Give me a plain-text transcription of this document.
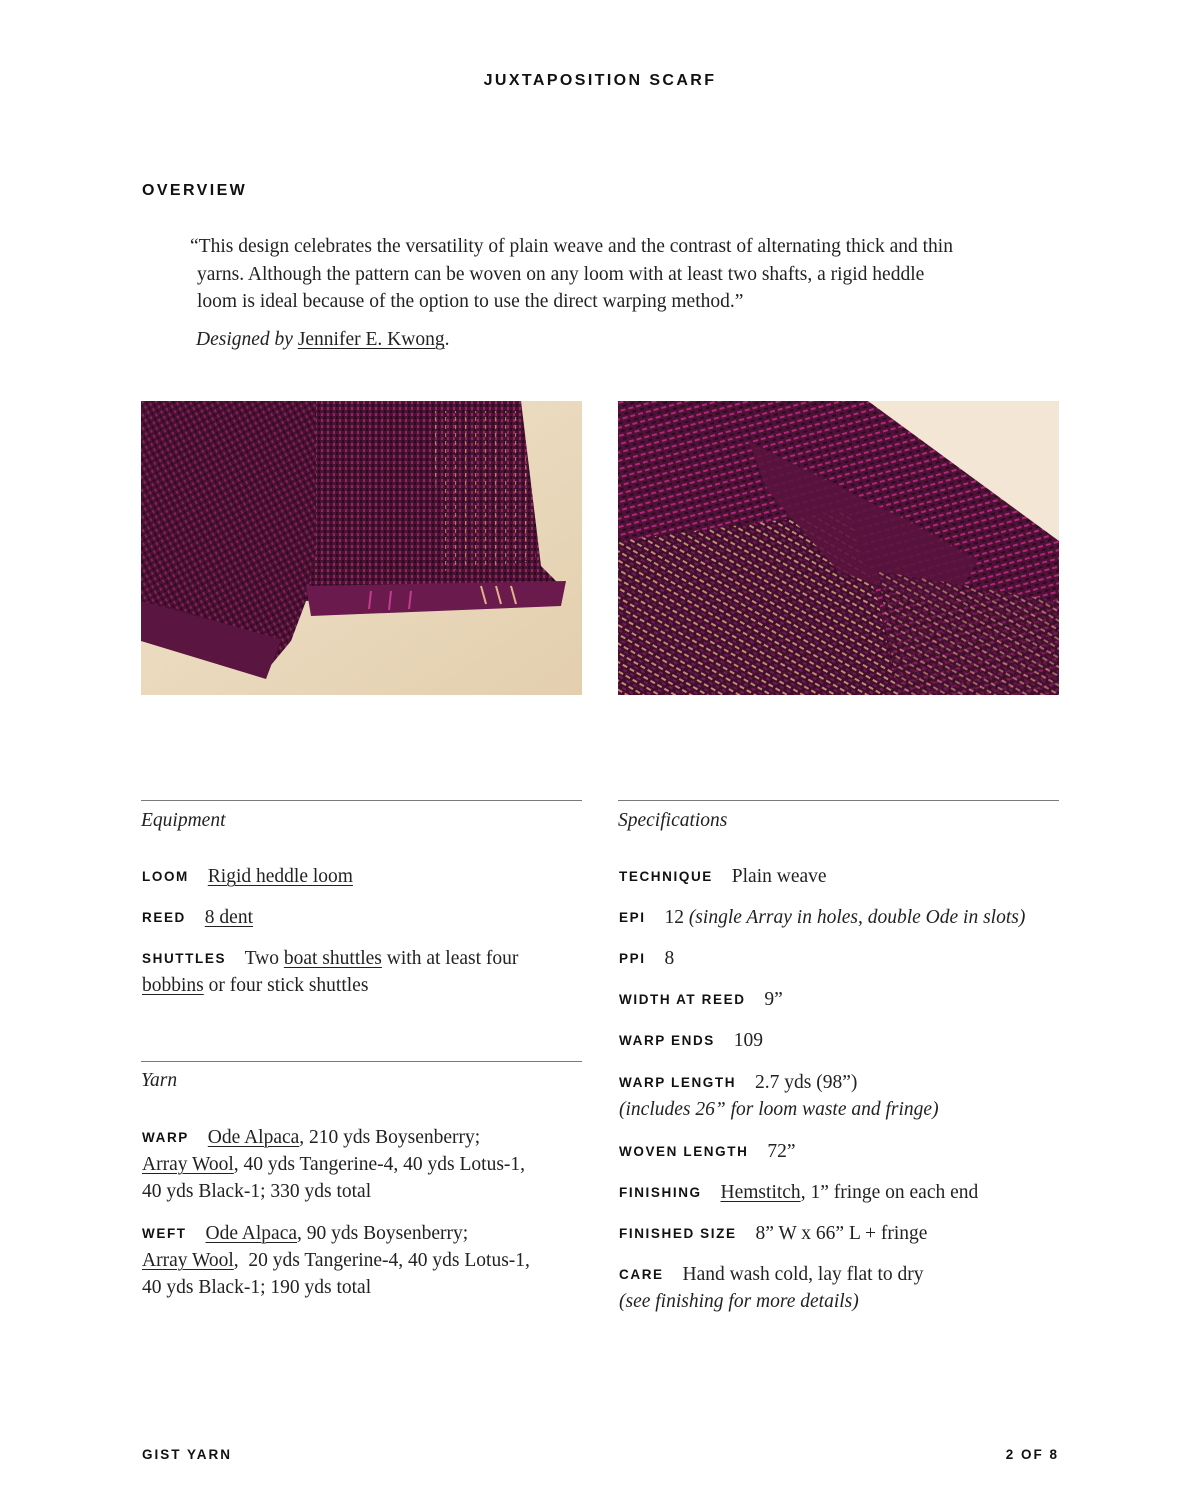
JUXTAPOSITION SCARF
OVERVIEW
“This design celebrates the versatility of plain weave and the contrast of alternating thick and thin
yarns. Although the pattern can be woven on any loom with at least two shafts, a rigid heddle
loom is ideal because of the option to use the direct warping method.”
Designed by Jennifer E. Kwong.
Equipment
LOOM Rigid heddle loom
REED 8 dent
SHUTTLES Two boat shuttles with at least four
bobbins or four stick shuttles
Yarn
WARP Ode Alpaca, 210 yds Boysenberry;
Array Wool, 40 yds Tangerine-4, 40 yds Lotus-1,
40 yds Black-1; 330 yds total
WEFT Ode Alpaca, 90 yds Boysenberry;
Array Wool,  20 yds Tangerine-4, 40 yds Lotus-1,
40 yds Black-1; 190 yds total
Specifications
TECHNIQUE Plain weave
EPI 12 (single Array in holes, double Ode in slots)
PPI 8
WIDTH AT REED 9”
WARP ENDS 109
WARP LENGTH 2.7 yds (98”)
(includes 26” for loom waste and fringe)
WOVEN LENGTH 72”
FINISHING Hemstitch, 1” fringe on each end
FINISHED SIZE 8” W x 66” L + fringe
CARE Hand wash cold, lay flat to dry
(see finishing for more details)
GIST YARN	2 OF 8
